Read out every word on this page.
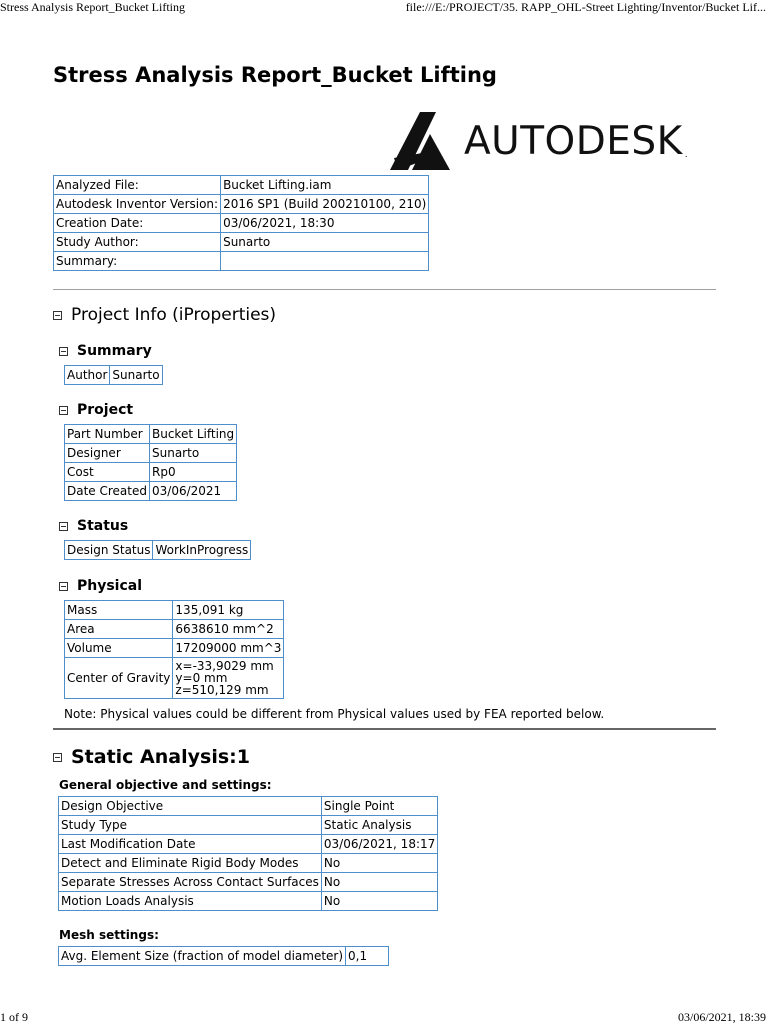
Stress Analysis Report_Bucket Lifting	file:///E:/PROJECT/35. RAPP_OHL-Street Lighting/Inventor/Bucket Lif...
Stress Analysis Report_Bucket Lifting
AUTODESK .
Analyzed File:	Bucket Lifting.iam
Autodesk Inventor Version:	2016 SP1 (Build 200210100, 210)
Creation Date:	03/06/2021, 18:30
Study Author:	Sunarto
Summary:	
Project Info (iProperties)
Summary
Author	Sunarto
Project
Part Number	Bucket Lifting
Designer	Sunarto
Cost	Rp0
Date Created	03/06/2021
Status
Design Status	WorkInProgress
Physical
Mass	135,091 kg
Area	6638610 mm^2
Volume	17209000 mm^3
Center of Gravity	x=-33,9029 mm
y=0 mm
z=510,129 mm
Note: Physical values could be different from Physical values used by FEA reported below.
Static Analysis:1
General objective and settings:
Design Objective	Single Point
Study Type	Static Analysis
Last Modification Date	03/06/2021, 18:17
Detect and Eliminate Rigid Body Modes	No
Separate Stresses Across Contact Surfaces	No
Motion Loads Analysis	No
Mesh settings:
Avg. Element Size (fraction of model diameter)	0,1
1 of 9	03/06/2021, 18:39
